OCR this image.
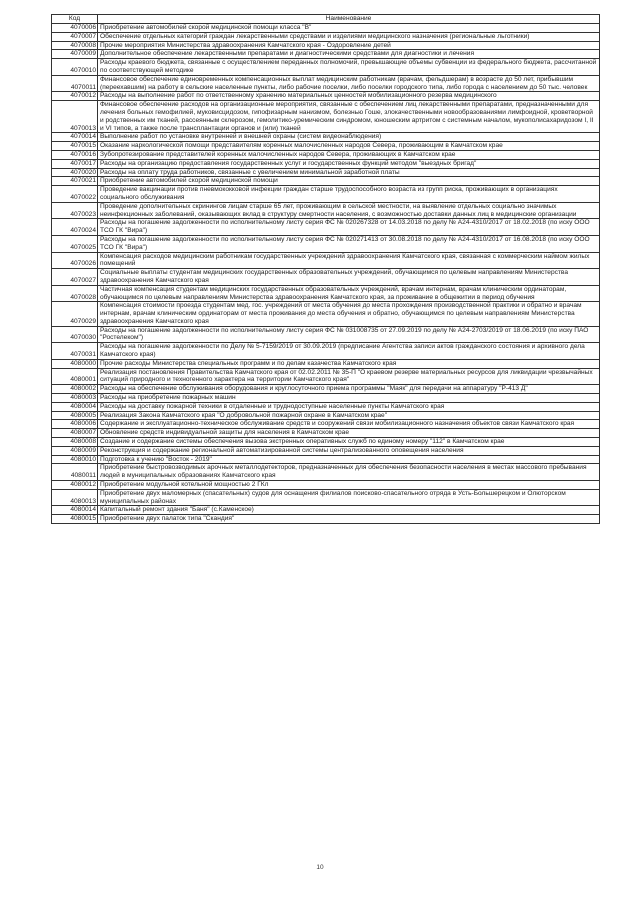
Код	Наименование
4070006	Приобретение автомобилей скорой медицинской помощи класса "В"
4070007	Обеспечение отдельных категорий граждан лекарственными средствами и изделиями медицинского назначения (региональные льготники)
4070008	Прочие мероприятия Министерства здравоохранения Камчатского края - Оздоровление детей
4070009	Дополнительное обеспечение лекарственными препаратами и диагностическими средствами для диагностики и лечения
4070010	Расходы краевого бюджета, связанные с осуществлением переданных полномочий, превышающие объемы субвенции из федерального бюджета, рассчитанной по соответствующей методике
4070011	Финансовое обеспечение единовременных компенсационных выплат медицинским работникам (врачам, фельдшерам) в возрасте до 50 лет, прибывшим (переехавшим) на работу в сельские населенные пункты, либо рабочие поселки, либо поселки городского типа, либо города с населением до 50 тыс. человек
4070012	Расходы на выполнение работ по ответственному хранению материальных ценностей мобилизационного резерва медицинского
4070013	Финансовое обеспечение расходов на организационные мероприятия, связанные с обеспечением лиц лекарственными препаратами, предназначенными для лечения больных гемофилией, муковисцидозом, гипофизарным нанизмом, болезнью Гоше, злокачественными новообразованиями лимфоидной, кроветворной и родственных им тканей, рассеянным склерозом, гемолитико-уремическим синдромом, юношеским артритом с системным началом, мукополисахаридозом I, II и VI типов, а также после трансплантации органов и (или) тканей
4070014	Выполнение работ по установке внутренней и внешней охраны (систем видеонаблюдения)
4070015	Оказание наркологической помощи представителям коренных малочисленных народов Севера, проживающим в Камчатском крае
4070016	Зубопротезирование представителей коренных малочисленных народов Севера, проживающих в Камчатском крае
4070017	Расходы на организацию предоставления государственных услуг и государственных функций методом "выездных бригад"
4070020	Расходы на оплату труда работников, связанные с увеличением минимальной заработной платы
4070021	Приобретение автомобилей скорой медицинской помощи
4070022	Проведение вакцинации против пневмококковой инфекции граждан старше трудоспособного возраста из групп риска, проживающих в организациях социального обслуживания
4070023	Проведение дополнительных скринингов лицам старше 65 лет, проживающим в сельской местности, на выявление отдельных социально значимых неинфекционных заболеваний, оказывающих вклад в структуру смертности населения, с возможностью доставки данных лиц в медицинские организации
4070024	Расходы на погашение задолженности по исполнительному листу серия ФС № 020267328 от 14.03.2018 по делу № А24-4310/2017 от 18.02.2018 (по иску ООО ТСО ГК "Вира")
4070025	Расходы на погашение задолженности по исполнительному листу серия ФС № 020271413 от 30.08.2018 по делу № А24-4310/2017 от 16.08.2018 (по иску ООО ТСО ГК "Вира")
4070026	Компенсация расходов медицинским работникам государственных учреждений здравоохранения Камчатского края, связанная с коммерческим наймом жилых помещений
4070027	Социальные выплаты студентам медицинских государственных образовательных учреждений, обучающимся по целевым направлениям Министерства здравоохранения Камчатского края
4070028	Частичная компенсация студентам медицинских государственных образовательных учреждений, врачам интернам, врачам клиническим ординаторам, обучающимся по целевым направлениям Министерства здравоохранения Камчатского края, за проживание в общежитии в период обучения
4070029	Компенсация стоимости проезда студентам мед. гос. учреждений от места обучения до места прохождения производственной практики и обратно и врачам интернам, врачам клиническим ординаторам от места проживания до места обучения и обратно, обучающимся по целевым направлениям Министерства здравоохранения Камчатского края
4070030	Расходы на погашение задолженности по исполнительному листу серия ФС № 031008735 от 27.09.2019 по делу № А24-2703/2019 от 18.06.2019 (по иску ПАО "Ростелеком")
4070031	Расходы на погашение задолженности по Делу № 5-7159/2019 от 30.09.2019 (предписание Агентства записи актов гражданского состояния и архивного дела Камчатского края)
4080000	Прочие расходы Министерства специальных программ и по делам казачества Камчатского края
4080001	Реализация постановления Правительства Камчатского края от 02.02.2011 № 35-П "О краевом резерве материальных ресурсов для ликвидации чрезвычайных ситуаций природного и техногенного характера на территории Камчатского края"
4080002	Расходы на обеспечение обслуживания оборудования и круглосуточного приема программы "Маяк" для передачи на аппаратуру "Р-413 Д"
4080003	Расходы на приобретение пожарных машин
4080004	Расходы на доставку пожарной техники в отдаленные и труднодоступные населенные пункты Камчатского края
4080005	Реализация Закона Камчатского края "О добровольной пожарной охране в Камчатском крае"
4080006	Содержание и эксплуатационно-техническое обслуживание средств и сооружений связи мобилизационного назначения объектов связи Камчатского края
4080007	Обновление средств индивидуальной защиты для населения в Камчатском крае
4080008	Создание и содержание системы обеспечения вызова экстренных оперативных служб по единому номеру "112" в Камчатском крае
4080009	Реконструкция и содержание региональной автоматизированной системы централизованного оповещения населения
4080010	Подготовка к учению "Восток - 2019"
4080011	Приобретение быстровозводимых арочных металлодетекторов, предназначенных для обеспечения безопасности населения в местах массового пребывания людей в муниципальных образованиях Камчатского края
4080012	Приобретение модульной котельной мощностью 2 ГКл
4080013	Приобретение двух маломерных (спасательных) судов для оснащения филиалов поисково-спасательного отряда в Усть-Большерецком и Олюторском муниципальных районах
4080014	Капитальный ремонт здания "Баня" (с.Каменское)
4080015	Приобретение двух палаток типа "Скандия"
10
